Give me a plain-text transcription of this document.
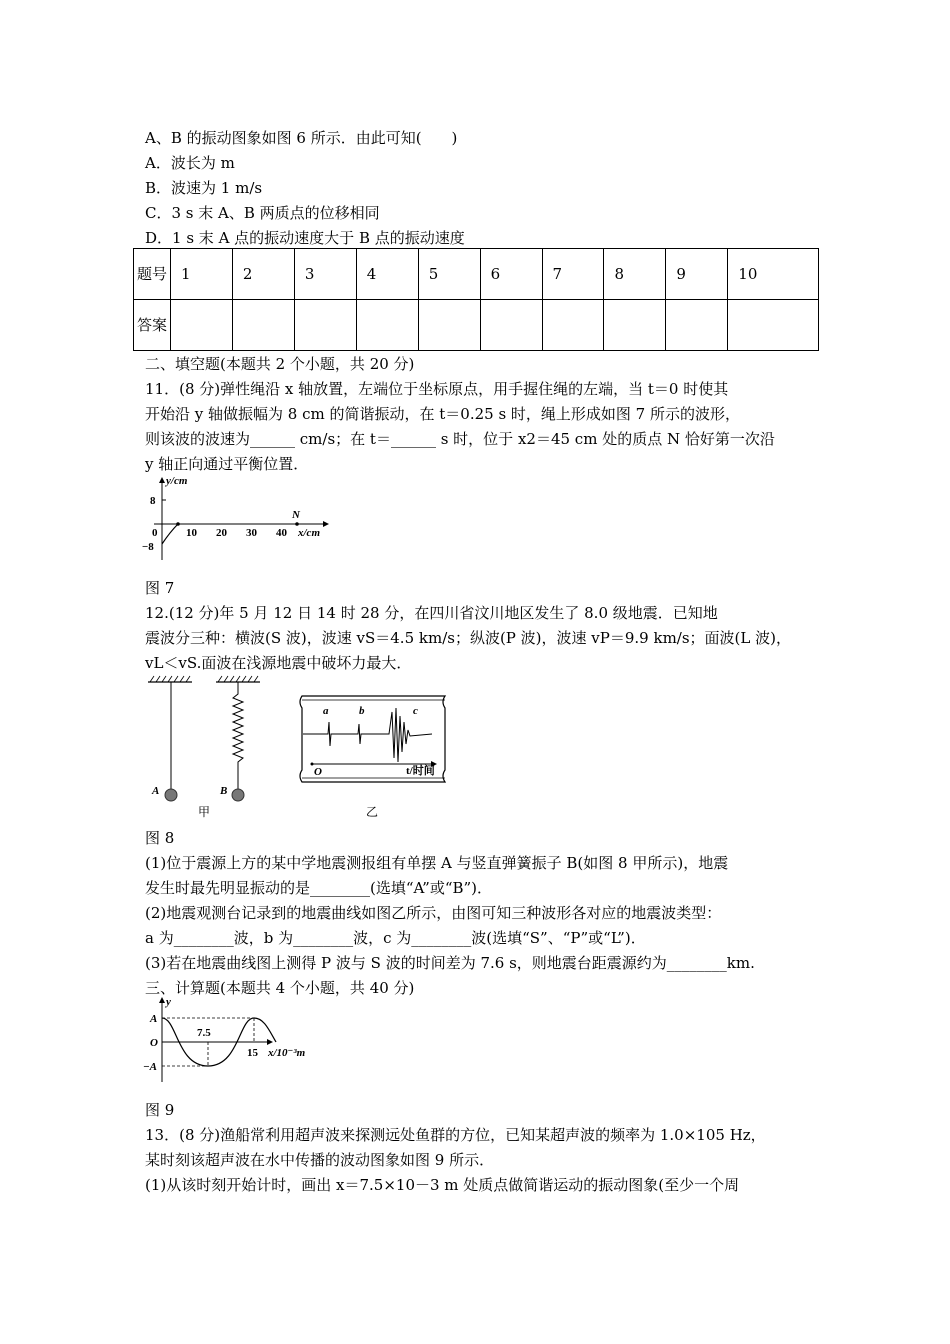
A、B 的振动图象如图 6 所示．由此可知(　　)
A．波长为 m
B．波速为 1 m/s
C．3 s 末 A、B 两质点的位移相同
D．1 s 末 A 点的振动速度大于 B 点的振动速度
题号	1	2	3	4	5	6	7	8	9	10
答案										
二、填空题(本题共 2 个小题，共 20 分)
11．(8 分)弹性绳沿 x 轴放置，左端位于坐标原点，用手握住绳的左端，当 t＝0 时使其
开始沿 y 轴做振幅为 8 cm 的简谐振动，在 t＝0.25 s 时，绳上形成如图 7 所示的波形，
则该波的波速为______ cm/s；在 t＝______ s 时，位于 x2＝45 cm 处的质点 N 恰好第一次沿
y 轴正向通过平衡位置．
y/cm
8
−8
0	10 20 30 40 x/cm
N
图 7
12.(12 分)年 5 月 12 日 14 时 28 分，在四川省汶川地区发生了 8.0 级地震．已知地
震波分三种：横波(S 波)，波速 vS＝4.5 km/s；纵波(P 波)，波速 vP＝9.9 km/s；面波(L 波)，
vL＜vS.面波在浅源地震中破坏力最大．
A	B
甲
a	b	c
O	t/时间
乙
图 8
(1)位于震源上方的某中学地震测报组有单摆 A 与竖直弹簧振子 B(如图 8 甲所示)，地震
发生时最先明显振动的是________(选填“A”或“B”)．
(2)地震观测台记录到的地震曲线如图乙所示，由图可知三种波形各对应的地震波类型：
a 为________波，b 为________波，c 为________波(选填“S”、“P”或“L”)．
(3)若在地震曲线图上测得 P 波与 S 波的时间差为 7.6 s，则地震台距震源约为________km.
三、计算题(本题共 4 个小题，共 40 分)
y
A
O
−A
7.5
15 x/10⁻³m
图 9
13．(8 分)渔船常利用超声波来探测远处鱼群的方位，已知某超声波的频率为 1.0×105 Hz，
某时刻该超声波在水中传播的波动图象如图 9 所示．
(1)从该时刻开始计时，画出 x＝7.5×10－3 m 处质点做简谐运动的振动图象(至少一个周
